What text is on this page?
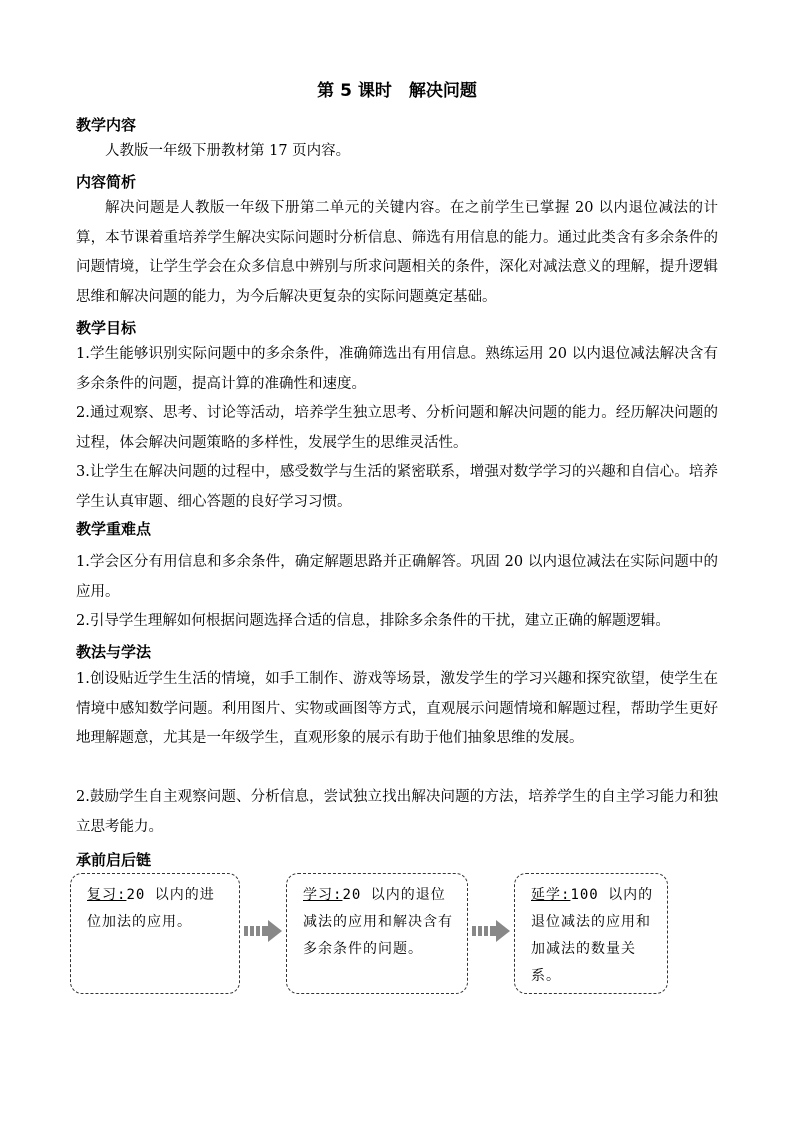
第 5 课时　解决问题
教学内容
人教版一年级下册教材第 17 页内容。
内容简析
解决问题是人教版一年级下册第二单元的关键内容。在之前学生已掌握 20 以内退位减法的计算，本节课着重培养学生解决实际问题时分析信息、筛选有用信息的能力。通过此类含有多余条件的问题情境，让学生学会在众多信息中辨别与所求问题相关的条件，深化对减法意义的理解，提升逻辑思维和解决问题的能力，为今后解决更复杂的实际问题奠定基础。
教学目标
1.学生能够识别实际问题中的多余条件，准确筛选出有用信息。熟练运用 20 以内退位减法解决含有多余条件的问题，提高计算的准确性和速度。
2.通过观察、思考、讨论等活动，培养学生独立思考、分析问题和解决问题的能力。经历解决问题的过程，体会解决问题策略的多样性，发展学生的思维灵活性。
3.让学生在解决问题的过程中，感受数学与生活的紧密联系，增强对数学学习的兴趣和自信心。培养学生认真审题、细心答题的良好学习习惯。
教学重难点
1.学会区分有用信息和多余条件，确定解题思路并正确解答。巩固 20 以内退位减法在实际问题中的应用。
2.引导学生理解如何根据问题选择合适的信息，排除多余条件的干扰，建立正确的解题逻辑。
教法与学法
1.创设贴近学生生活的情境，如手工制作、游戏等场景，激发学生的学习兴趣和探究欲望，使学生在情境中感知数学问题。利用图片、实物或画图等方式，直观展示问题情境和解题过程，帮助学生更好地理解题意，尤其是一年级学生，直观形象的展示有助于他们抽象思维的发展。
2.鼓励学生自主观察问题、分析信息，尝试独立找出解决问题的方法，培养学生的自主学习能力和独立思考能力。
承前启后链
复习:20 以内的进位加法的应用。
学习:20 以内的退位减法的应用和解决含有多余条件的问题。
延学:100 以内的退位减法的应用和加减法的数量关系。
